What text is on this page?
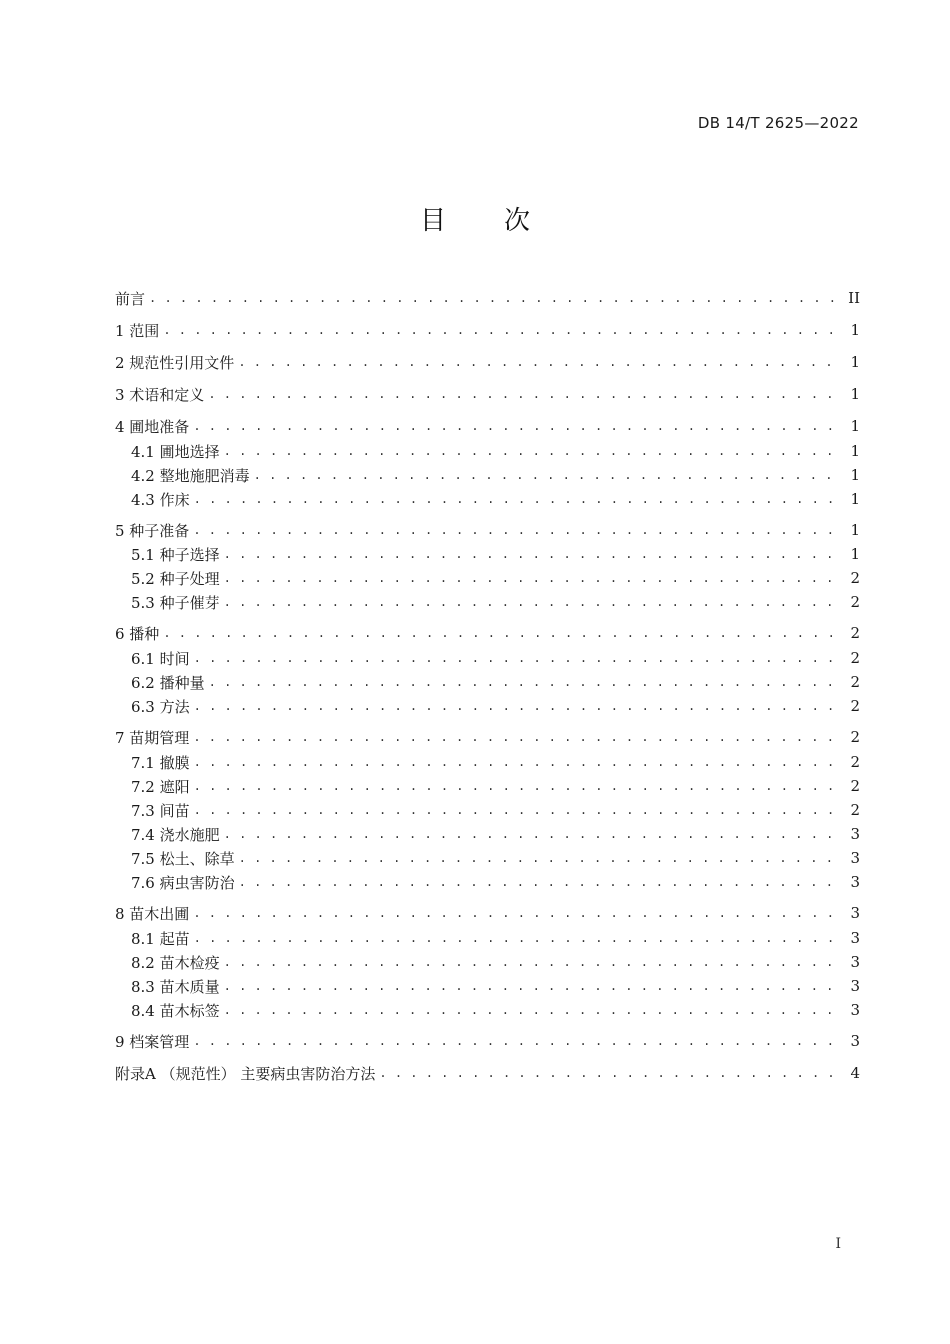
DB 14/T 2625—2022
目 次
前言 . . .	II
1 范围 . . .	1
2 规范性引用文件 . . .	1
3 术语和定义 . . .	1
4 圃地准备 . . .	1
4.1 圃地选择 . . .	1
4.2 整地施肥消毒 . . .	1
4.3 作床 . . .	1
5 种子准备 . . .	1
5.1 种子选择 . . .	1
5.2 种子处理 . . .	2
5.3 种子催芽 . . .	2
6 播种 . . .	2
6.1 时间 . . .	2
6.2 播种量 . . .	2
6.3 方法 . . .	2
7 苗期管理 . . .	2
7.1 撤膜 . . .	2
7.2 遮阳 . . .	2
7.3 间苗 . . .	2
7.4 浇水施肥 . . .	3
7.5 松土、除草 . . .	3
7.6 病虫害防治 . . .	3
8 苗木出圃 . . .	3
8.1 起苗 . . .	3
8.2 苗木检疫 . . .	3
8.3 苗木质量 . . .	3
8.4 苗木标签 . . .	3
9 档案管理 . . .	3
附录A （规范性） 主要病虫害防治方法 . . .	4
I
